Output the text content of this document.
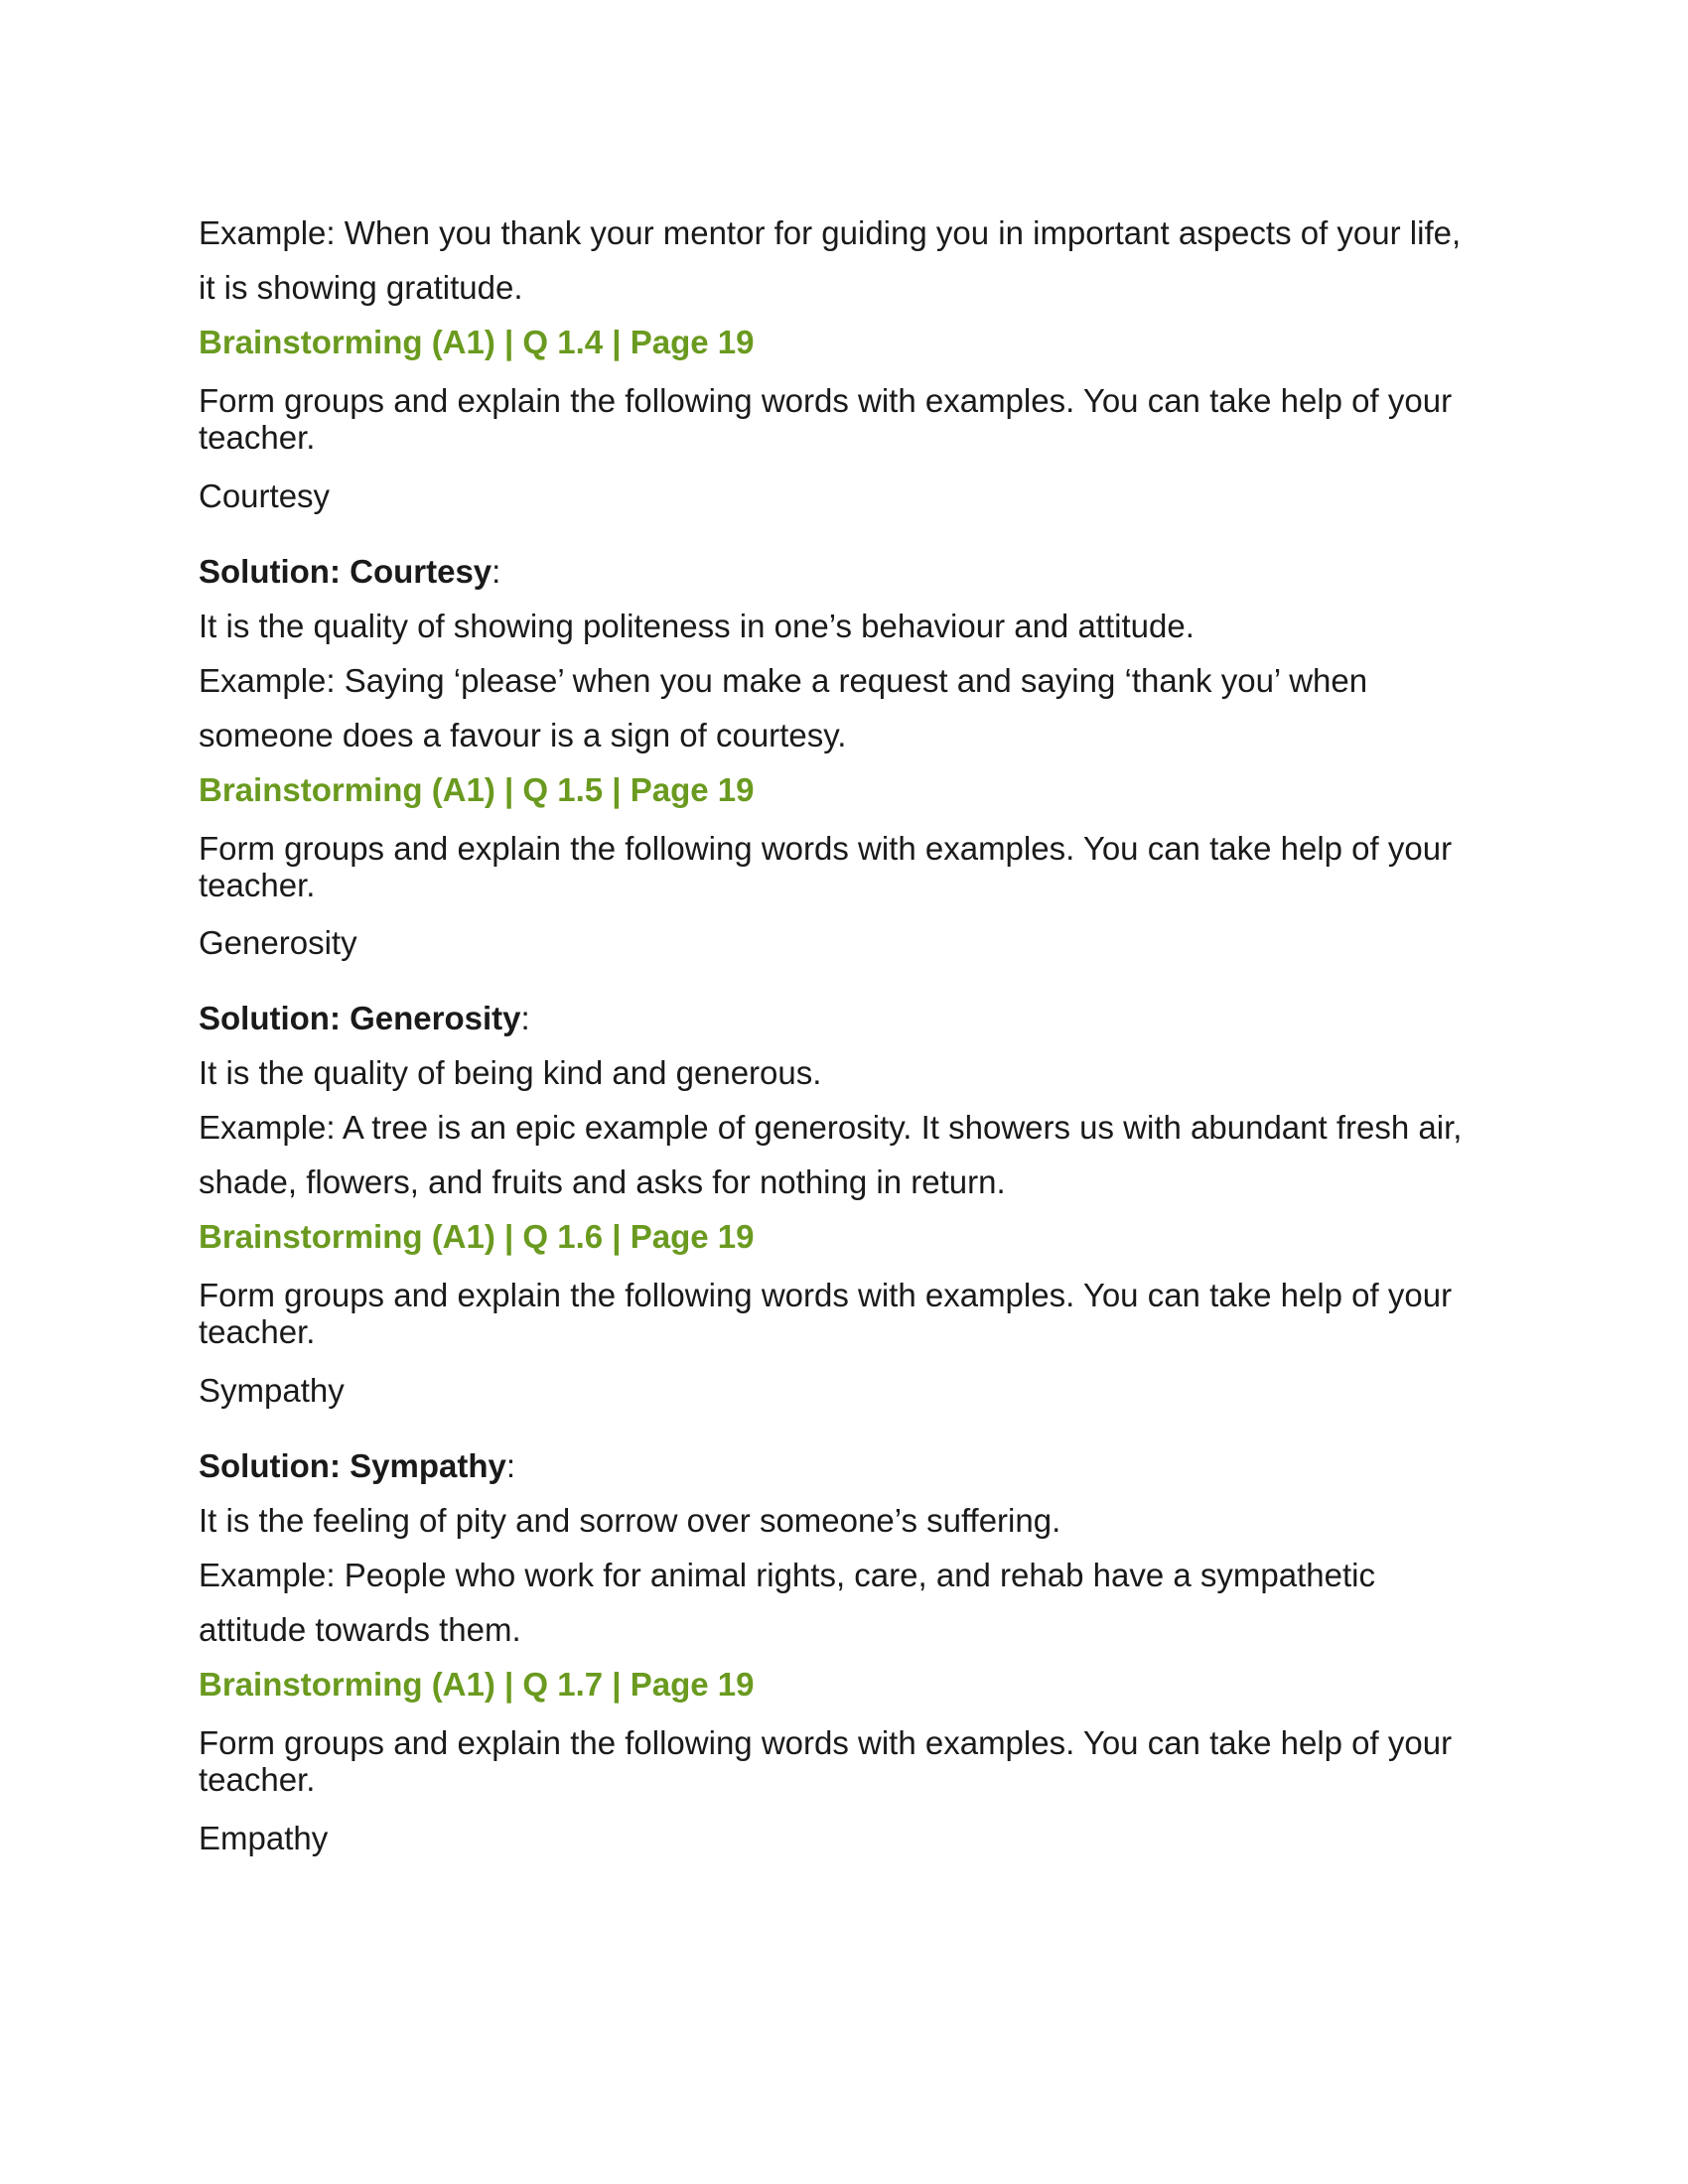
Example: When you thank your mentor for guiding you in important aspects of your life,

it is showing gratitude.

Brainstorming (A1) | Q 1.4 | Page 19

Form groups and explain the following words with examples. You can take help of your

teacher.

Courtesy

Solution: Courtesy:

It is the quality of showing politeness in one’s behaviour and attitude.

Example: Saying ‘please’ when you make a request and saying ‘thank you’ when

someone does a favour is a sign of courtesy.

Brainstorming (A1) | Q 1.5 | Page 19

Form groups and explain the following words with examples. You can take help of your

teacher.

Generosity

Solution: Generosity:

It is the quality of being kind and generous.

Example: A tree is an epic example of generosity. It showers us with abundant fresh air,

shade, flowers, and fruits and asks for nothing in return.

Brainstorming (A1) | Q 1.6 | Page 19

Form groups and explain the following words with examples. You can take help of your

teacher.

Sympathy

Solution: Sympathy:

It is the feeling of pity and sorrow over someone’s suffering.

Example: People who work for animal rights, care, and rehab have a sympathetic

attitude towards them.

Brainstorming (A1) | Q 1.7 | Page 19

Form groups and explain the following words with examples. You can take help of your

teacher.

Empathy
